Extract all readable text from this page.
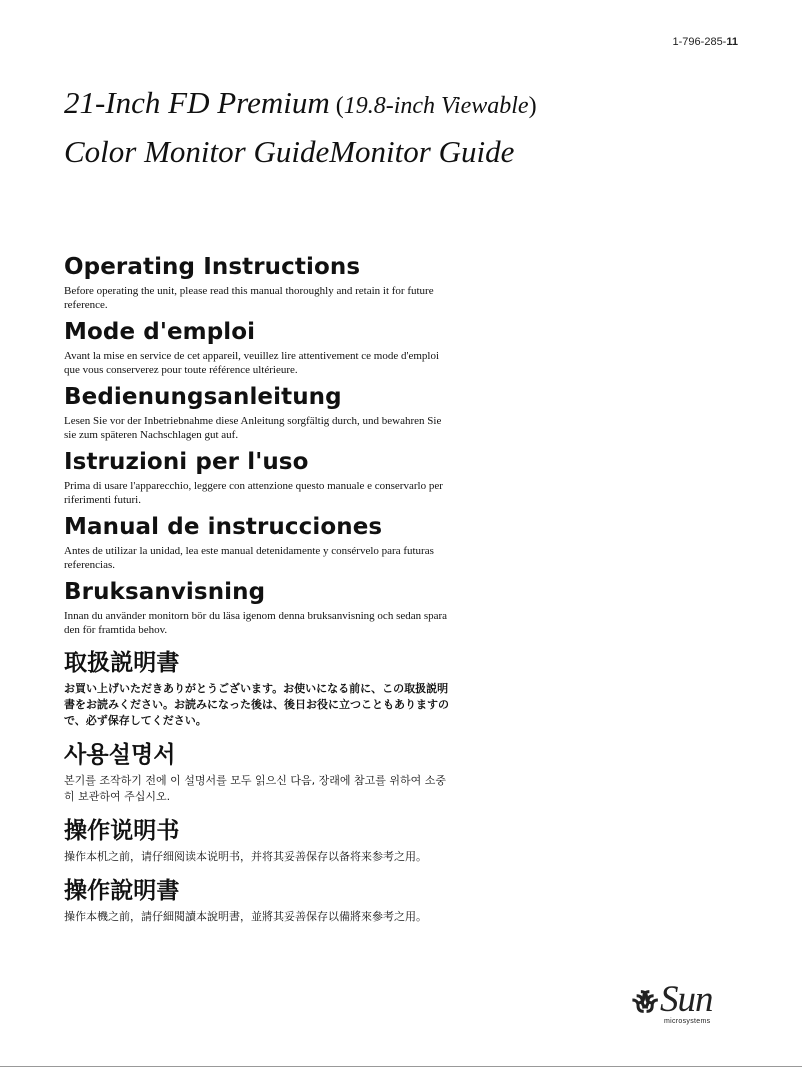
1-796-285-11
21-Inch FD Premium (19.8-inch Viewable)
Color Monitor GuideMonitor Guide
Operating Instructions

Before operating the unit, please read this manual thoroughly and retain it for future reference.

Mode d'emploi

Avant la mise en service de cet appareil, veuillez lire attentivement ce mode d'emploi que vous conserverez pour toute référence ultérieure.

Bedienungsanleitung

Lesen Sie vor der Inbetriebnahme diese Anleitung sorgfältig durch, und bewahren Sie sie zum späteren Nachschlagen gut auf.

Istruzioni per l'uso

Prima di usare l'apparecchio, leggere con attenzione questo manuale e conservarlo per riferimenti futuri.

Manual de instrucciones

Antes de utilizar la unidad, lea este manual detenidamente y consérvelo para futuras referencias.

Bruksanvisning

Innan du använder monitorn bör du läsa igenom denna bruksanvisning och sedan spara den för framtida behov.

取扱説明書

お買い上げいただきありがとうございます。お使いになる前に、この取扱説明書をお読みください。お読みになった後は、後日お役に立つこともありますので、必ず保存してください。

사용설명서

본기를 조작하기 전에 이 설명서를 모두 읽으신 다음, 장래에 참고를 위하여 소중히 보관하여 주십시오.

操作说明书

操作本机之前，请仔细阅读本说明书，并将其妥善保存以备将来参考之用。

操作說明書

操作本機之前，請仔細閱讀本說明書，並將其妥善保存以備將來參考之用。

Sun
microsystems
